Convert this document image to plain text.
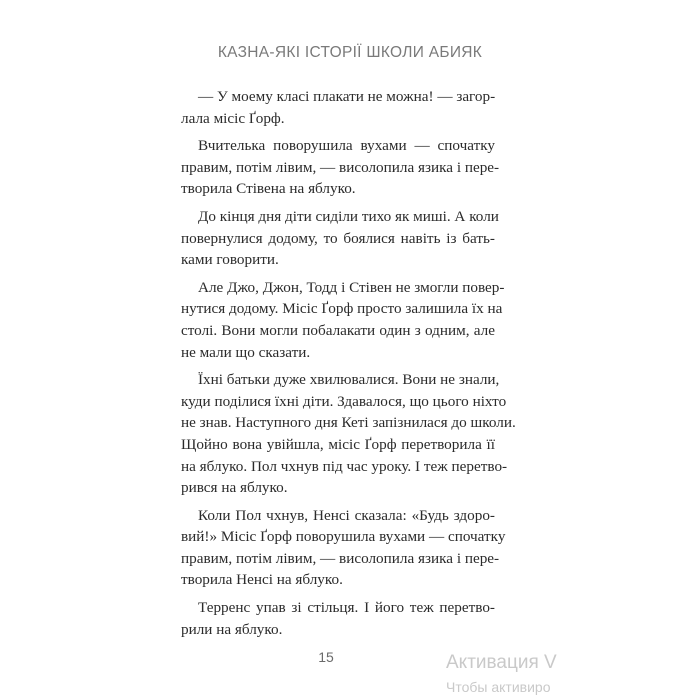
КАЗНА-ЯКІ ІСТОРІЇ ШКОЛИ АБИЯК
— У моему класі плакати не можна! — загор-
лала місіс Ґорф.
Вчителька поворушила вухами — спочатку
правим, потім лівим, — висолопила язика і пере-
творила Стівена на яблуко.
До кінця дня діти сиділи тихо як миші. А коли
повернулися додому, то боялися навіть із бать-
ками говорити.
Але Джо, Джон, Тодд і Стівен не змогли повер-
нутися додому. Місіс Ґорф просто залишила їх на
столі. Вони могли побалакати один з одним, але
не мали що сказати.
Їхні батьки дуже хвилювалися. Вони не знали,
куди поділися їхні діти. Здавалося, що цього ніхто
не знав. Наступного дня Кеті запізнилася до школи.
Щойно вона увійшла, місіс Ґорф перетворила її
на яблуко. Пол чхнув під час уроку. І теж перетво-
рився на яблуко.
Коли Пол чхнув, Ненсі сказала: «Будь здоро-
вий!» Місіс Ґорф поворушила вухами — спочатку
правим, потім лівим, — висолопила язика і пере-
творила Ненсі на яблуко.
Терренс упав зі стільця. І його теж перетво-
рили на яблуко.
15	Активация V
Чтобы активиро
